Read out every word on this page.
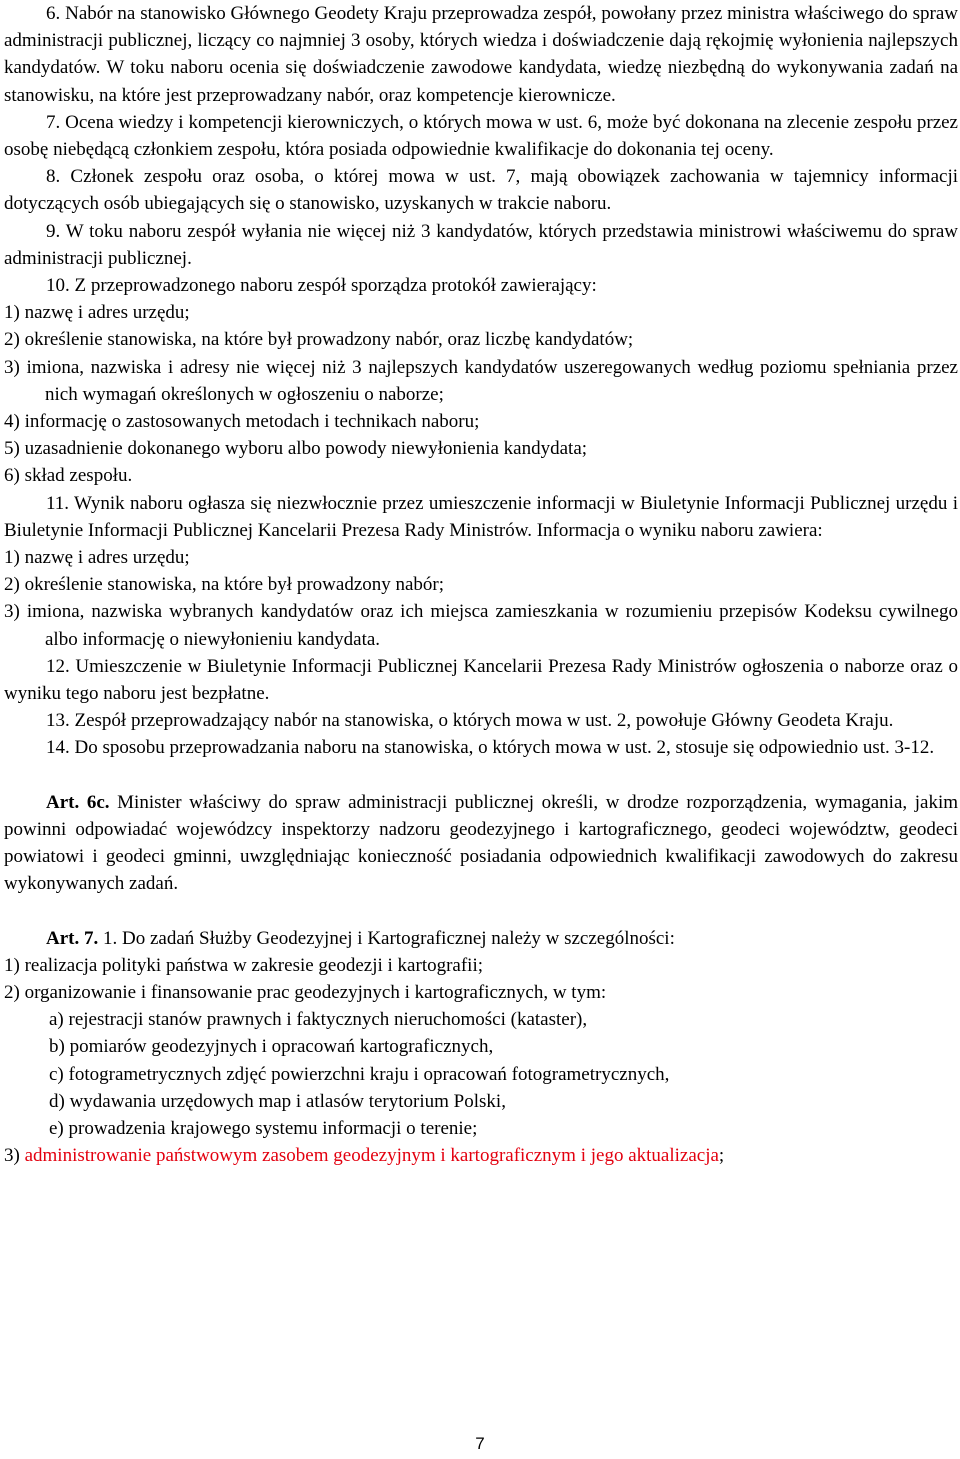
6. Nabór na stanowisko Głównego Geodety Kraju przeprowadza zespół, powołany przez ministra właściwego do spraw administracji publicznej, liczący co najmniej 3 osoby, których wiedza i doświadczenie dają rękojmię wyłonienia najlepszych kandydatów. W toku naboru ocenia się doświadczenie zawodowe kandydata, wiedzę niezbędną do wykonywania zadań na stanowisku, na które jest przeprowadzany nabór, oraz kompetencje kierownicze.

7. Ocena wiedzy i kompetencji kierowniczych, o których mowa w ust. 6, może być dokonana na zlecenie zespołu przez osobę niebędącą członkiem zespołu, która posiada odpowiednie kwalifikacje do dokonania tej oceny.

8. Członek zespołu oraz osoba, o której mowa w ust. 7, mają obowiązek zachowania w tajemnicy informacji dotyczących osób ubiegających się o stanowisko, uzyskanych w trakcie naboru.

9. W toku naboru zespół wyłania nie więcej niż 3 kandydatów, których przedstawia ministrowi właściwemu do spraw administracji publicznej.

10. Z przeprowadzonego naboru zespół sporządza protokół zawierający:

1) nazwę i adres urzędu;

2) określenie stanowiska, na które był prowadzony nabór, oraz liczbę kandydatów;

3) imiona, nazwiska i adresy nie więcej niż 3 najlepszych kandydatów uszeregowanych według poziomu spełniania przez nich wymagań określonych w ogłoszeniu o naborze;

4) informację o zastosowanych metodach i technikach naboru;

5) uzasadnienie dokonanego wyboru albo powody niewyłonienia kandydata;

6) skład zespołu.

11. Wynik naboru ogłasza się niezwłocznie przez umieszczenie informacji w Biuletynie Informacji Publicznej urzędu i Biuletynie Informacji Publicznej Kancelarii Prezesa Rady Ministrów. Informacja o wyniku naboru zawiera:

1) nazwę i adres urzędu;

2) określenie stanowiska, na które był prowadzony nabór;

3) imiona, nazwiska wybranych kandydatów oraz ich miejsca zamieszkania w rozumieniu przepisów Kodeksu cywilnego albo informację o niewyłonieniu kandydata.

12. Umieszczenie w Biuletynie Informacji Publicznej Kancelarii Prezesa Rady Ministrów ogłoszenia o naborze oraz o wyniku tego naboru jest bezpłatne.

13. Zespół przeprowadzający nabór na stanowiska, o których mowa w ust. 2, powołuje Główny Geodeta Kraju.

14. Do sposobu przeprowadzania naboru na stanowiska, o których mowa w ust. 2, stosuje się odpowiednio ust. 3-12.

Art. 6c. Minister właściwy do spraw administracji publicznej określi, w drodze rozporządzenia, wymagania, jakim powinni odpowiadać wojewódzcy inspektorzy nadzoru geodezyjnego i kartograficznego, geodeci województw, geodeci powiatowi i geodeci gminni, uwzględniając konieczność posiadania odpowiednich kwalifikacji zawodowych do zakresu wykonywanych zadań.

Art. 7. 1. Do zadań Służby Geodezyjnej i Kartograficznej należy w szczególności:

1) realizacja polityki państwa w zakresie geodezji i kartografii;

2) organizowanie i finansowanie prac geodezyjnych i kartograficznych, w tym:

a) rejestracji stanów prawnych i faktycznych nieruchomości (kataster),

b) pomiarów geodezyjnych i opracowań kartograficznych,

c) fotogrametrycznych zdjęć powierzchni kraju i opracowań fotogrametrycznych,

d) wydawania urzędowych map i atlasów terytorium Polski,

e) prowadzenia krajowego systemu informacji o terenie;

3) administrowanie państwowym zasobem geodezyjnym i kartograficznym i jego aktualizacja;

7
